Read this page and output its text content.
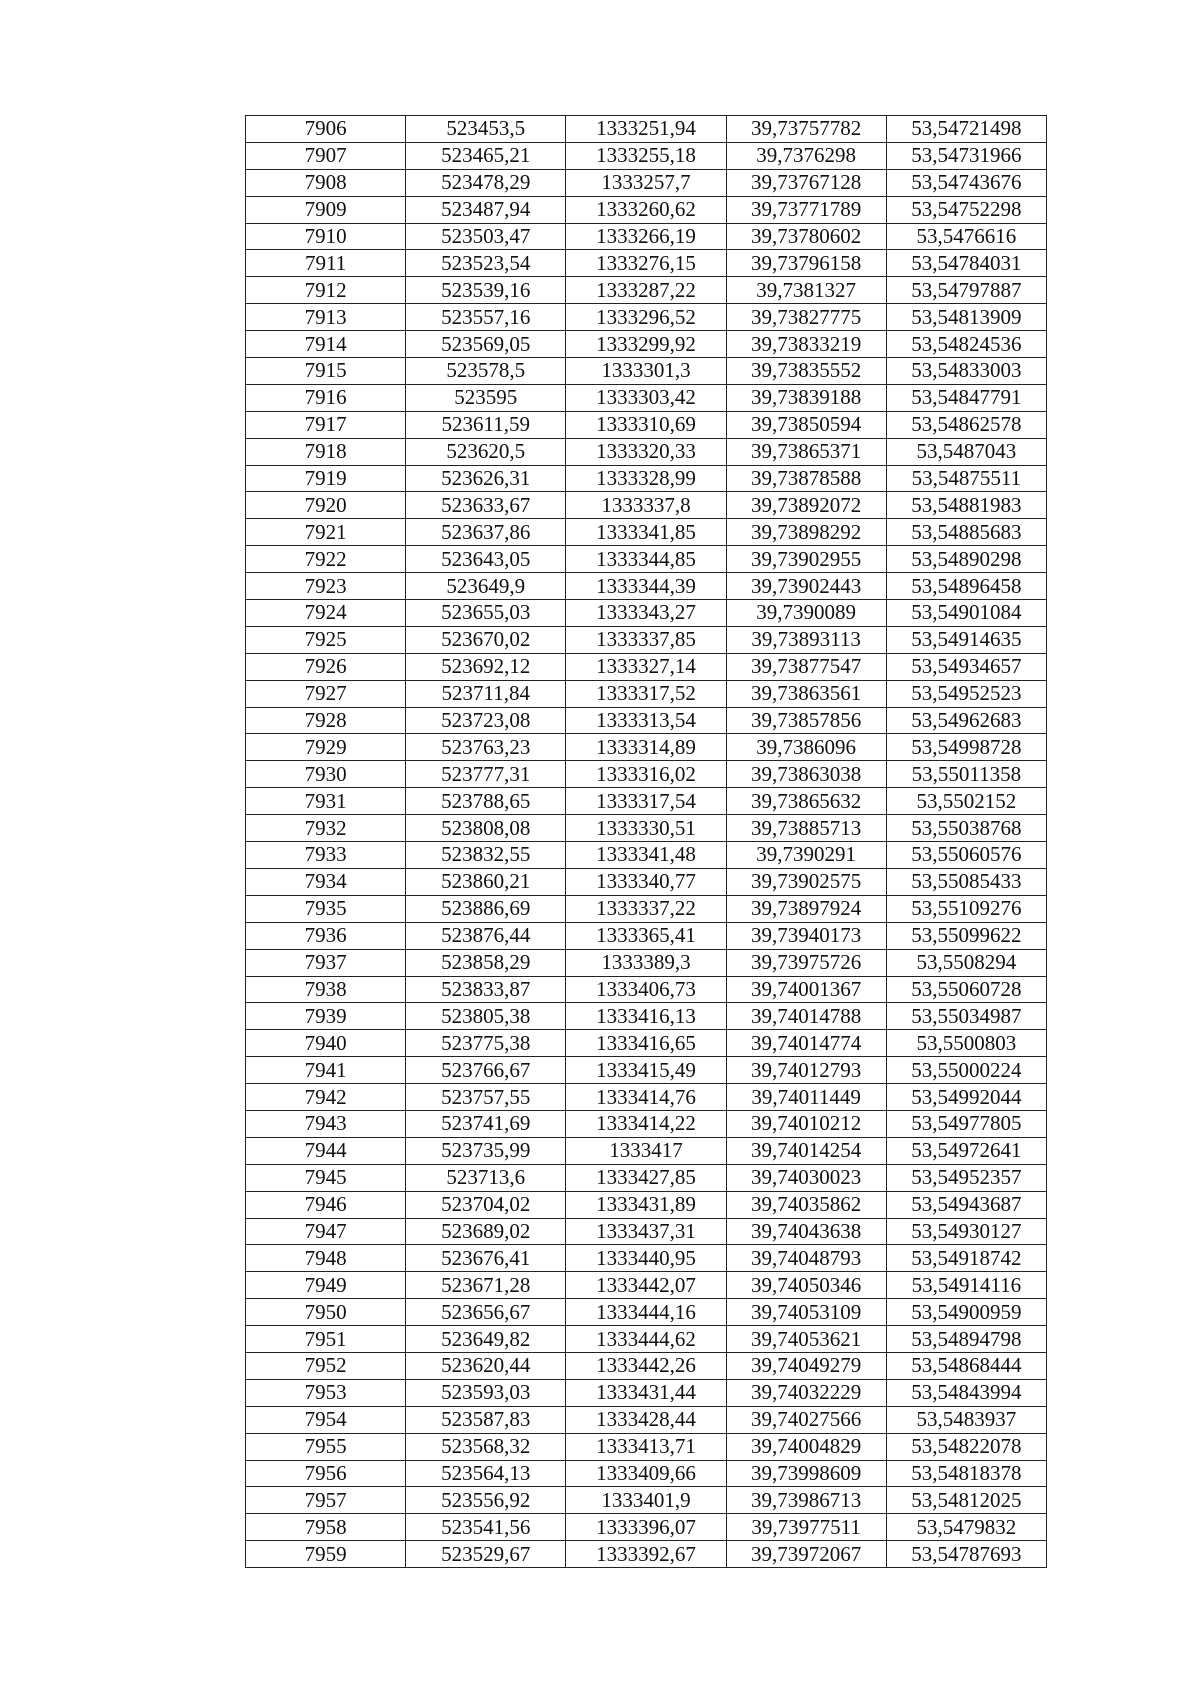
7906	523453,5	1333251,94	39,73757782	53,54721498
7907	523465,21	1333255,18	39,7376298	53,54731966
7908	523478,29	1333257,7	39,73767128	53,54743676
7909	523487,94	1333260,62	39,73771789	53,54752298
7910	523503,47	1333266,19	39,73780602	53,5476616
7911	523523,54	1333276,15	39,73796158	53,54784031
7912	523539,16	1333287,22	39,7381327	53,54797887
7913	523557,16	1333296,52	39,73827775	53,54813909
7914	523569,05	1333299,92	39,73833219	53,54824536
7915	523578,5	1333301,3	39,73835552	53,54833003
7916	523595	1333303,42	39,73839188	53,54847791
7917	523611,59	1333310,69	39,73850594	53,54862578
7918	523620,5	1333320,33	39,73865371	53,5487043
7919	523626,31	1333328,99	39,73878588	53,54875511
7920	523633,67	1333337,8	39,73892072	53,54881983
7921	523637,86	1333341,85	39,73898292	53,54885683
7922	523643,05	1333344,85	39,73902955	53,54890298
7923	523649,9	1333344,39	39,73902443	53,54896458
7924	523655,03	1333343,27	39,7390089	53,54901084
7925	523670,02	1333337,85	39,73893113	53,54914635
7926	523692,12	1333327,14	39,73877547	53,54934657
7927	523711,84	1333317,52	39,73863561	53,54952523
7928	523723,08	1333313,54	39,73857856	53,54962683
7929	523763,23	1333314,89	39,7386096	53,54998728
7930	523777,31	1333316,02	39,73863038	53,55011358
7931	523788,65	1333317,54	39,73865632	53,5502152
7932	523808,08	1333330,51	39,73885713	53,55038768
7933	523832,55	1333341,48	39,7390291	53,55060576
7934	523860,21	1333340,77	39,73902575	53,55085433
7935	523886,69	1333337,22	39,73897924	53,55109276
7936	523876,44	1333365,41	39,73940173	53,55099622
7937	523858,29	1333389,3	39,73975726	53,5508294
7938	523833,87	1333406,73	39,74001367	53,55060728
7939	523805,38	1333416,13	39,74014788	53,55034987
7940	523775,38	1333416,65	39,74014774	53,5500803
7941	523766,67	1333415,49	39,74012793	53,55000224
7942	523757,55	1333414,76	39,74011449	53,54992044
7943	523741,69	1333414,22	39,74010212	53,54977805
7944	523735,99	1333417	39,74014254	53,54972641
7945	523713,6	1333427,85	39,74030023	53,54952357
7946	523704,02	1333431,89	39,74035862	53,54943687
7947	523689,02	1333437,31	39,74043638	53,54930127
7948	523676,41	1333440,95	39,74048793	53,54918742
7949	523671,28	1333442,07	39,74050346	53,54914116
7950	523656,67	1333444,16	39,74053109	53,54900959
7951	523649,82	1333444,62	39,74053621	53,54894798
7952	523620,44	1333442,26	39,74049279	53,54868444
7953	523593,03	1333431,44	39,74032229	53,54843994
7954	523587,83	1333428,44	39,74027566	53,5483937
7955	523568,32	1333413,71	39,74004829	53,54822078
7956	523564,13	1333409,66	39,73998609	53,54818378
7957	523556,92	1333401,9	39,73986713	53,54812025
7958	523541,56	1333396,07	39,73977511	53,5479832
7959	523529,67	1333392,67	39,73972067	53,54787693
